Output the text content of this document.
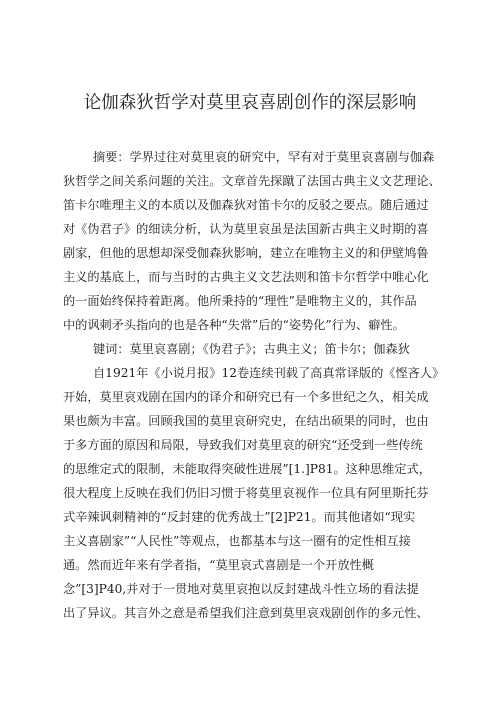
论伽森狄哲学对莫里哀喜剧创作的深层影响
摘要：学界过往对莫里哀的研究中，罕有对于莫里哀喜剧与伽森
狄哲学之间关系问题的关注。文章首先探蹴了法国古典主义文艺理论、
笛卡尔唯理主义的本质以及伽森狄对笛卡尔的反驳之要点。随后通过
对《伪君子》的细读分析，认为莫里哀虽是法国新古典主义时期的喜
剧家，但他的思想却深受伽森狄影响，建立在唯物主义的和伊壁鸠鲁
主义的基底上，而与当时的古典主义文艺法则和笛卡尔哲学中唯心化
的一面始终保持着距离。他所秉持的“理性”是唯物主义的，其作品
中的讽刺矛头指向的也是各种“失常”后的“姿势化”行为、癖性。
键词：莫里哀喜剧；《伪君子》；古典主义；笛卡尔；伽森狄
自1921年《小说月报》12卷连续刊载了高真常译版的《悭吝人》
开始，莫里哀戏剧在国内的译介和研究已有一个多世纪之久，相关成
果也颇为丰富。回顾我国的莫里哀研究史，在结出硕果的同时，也由
于多方面的原因和局限，导致我们对莫里哀的研究“还受到一些传统
的思维定式的限制，未能取得突破性进展”[1.]P81。这种思维定式，
很大程度上反映在我们仍旧习惯于将莫里哀视作一位具有阿里斯托芬
式辛辣讽刺精神的“反封建的优秀战士”[2]P21。而其他诸如“现实
主义喜剧家”“人民性”等观点，也都基本与这一圈有的定性相互接
通。然而近年来有学者指，“莫里哀式喜剧是一个开放性概
念”[3]P40,并对于一贯地对莫里哀抱以反封建战斗性立场的看法提
出了异议。其言外之意是希望我们注意到莫里哀戏剧创作的多元性、
